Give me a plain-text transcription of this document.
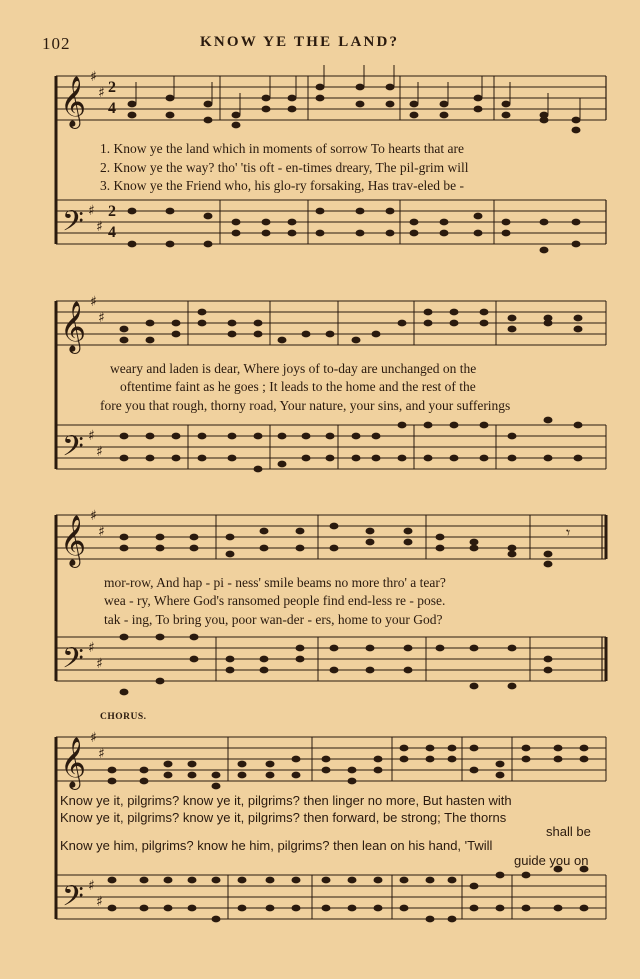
102	KNOW YE THE LAND?
𝄞
𝄢
♯
♯
♯
♯
2
4
2
4
1. Know ye the land which in moments of sorrow To hearts that are
2. Know ye the way? tho' 'tis oft - en-times dreary, The pil-grim will
3. Know ye the Friend who, his glo-ry forsaking, Has trav-eled be -
𝄞
𝄢
♯
♯
♯
♯
weary and laden is dear, Where joys of to-day are unchanged on the
oftentime faint as he goes ; It leads to the home and the rest of the
fore you that rough, thorny road, Your nature, your sins, and your sufferings
𝄞
𝄢
♯
♯
♯
♯
𝄾
mor-row, And hap - pi - ness' smile beams no more thro' a tear?
wea - ry, Where God's ransomed people find end-less re - pose.
tak - ing, To bring you, poor wan-der - ers, home to your God?
CHORUS.
𝄞
𝄢
♯
♯
♯
♯
Know ye it, pilgrims? know ye it, pilgrims? then linger no more, But hasten with
Know ye it, pilgrims? know ye it, pilgrims? then forward, be strong; The thorns
shall be
Know ye him, pilgrims? know he him, pilgrims? then lean on his hand, 'Twill
guide you on
